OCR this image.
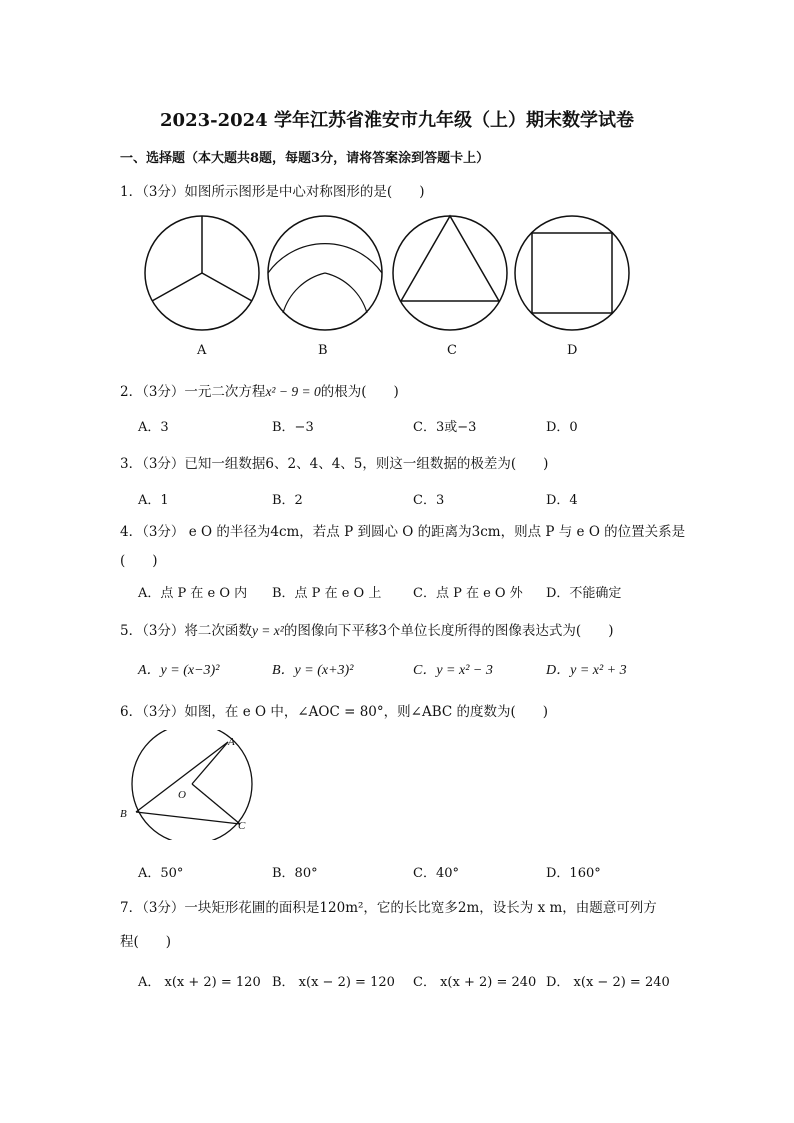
2023-2024 学年江苏省淮安市九年级（上）期末数学试卷
一、选择题（本大题共8题，每题3分，请将答案涂到答题卡上）
1．（3分）如图所示图形是中心对称图形的是(　　)
A	B	C	D
2．（3分）一元二次方程x² − 9 = 0的根为(　　)
A．3	B．−3	C．3或−3	D．0
3．（3分）已知一组数据6、2、4、4、5，则这一组数据的极差为(　　)
A．1	B．2	C．3	D．4
4．（3分） e O 的半径为4cm，若点 P 到圆心 O 的距离为3cm，则点 P 与 e O 的位置关系是
(　　)
A．点 P 在 e O 内 B．点 P 在 e O 上 C．点 P 在 e O 外 D．不能确定
5．（3分）将二次函数y = x²的图像向下平移3个单位长度所得的图像表达式为(　　)
A．y = (x−3)²	B．y = (x+3)²	C．y = x² − 3	D．y = x² + 3
6．（3分）如图，在 e O 中，∠AOC = 80°，则∠ABC 的度数为(　　)
A
B
C
O
A．50°	B．80°	C．40°	D．160°
7．（3分）一块矩形花圃的面积是120m²，它的长比宽多2m，设长为 x m，由题意可列方
程(　　)
A． x(x + 2) = 120 B． x(x − 2) = 120 C． x(x + 2) = 240 D． x(x − 2) = 240
